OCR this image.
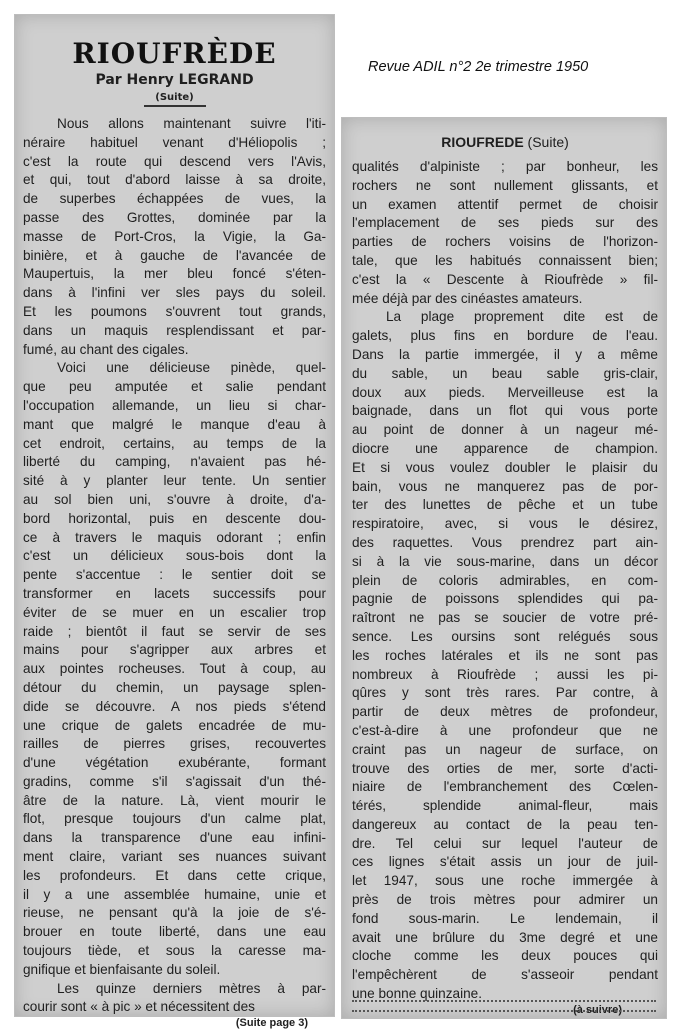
Revue ADIL n°2 2e trimestre 1950
RIOUFRÈDE
Par Henry LEGRAND
(Suite)
Nous allons maintenant suivre l'iti-
néraire habituel venant d'Héliopolis ;
c'est la route qui descend vers l'Avis,
et qui, tout d'abord laisse à sa droite,
de superbes échappées de vues, la
passe des Grottes, dominée par la
masse de Port-Cros, la Vigie, la Ga-
binière, et à gauche de l'avancée de
Maupertuis, la mer bleu foncé s'éten-
dans à l'infini ver sles pays du soleil.
Et les poumons s'ouvrent tout grands,
dans un maquis resplendissant et par-
fumé, au chant des cigales.
Voici une délicieuse pinède, quel-
que peu amputée et salie pendant
l'occupation allemande, un lieu si char-
mant que malgré le manque d'eau à
cet endroit, certains, au temps de la
liberté du camping, n'avaient pas hé-
sité à y planter leur tente. Un sentier
au sol bien uni, s'ouvre à droite, d'a-
bord horizontal, puis en descente dou-
ce à travers le maquis odorant ; enfin
c'est un délicieux sous-bois dont la
pente s'accentue : le sentier doit se
transformer en lacets successifs pour
éviter de se muer en un escalier trop
raide ; bientôt il faut se servir de ses
mains pour s'agripper aux arbres et
aux pointes rocheuses. Tout à coup, au
détour du chemin, un paysage splen-
dide se découvre. A nos pieds s'étend
une crique de galets encadrée de mu-
railles de pierres grises, recouvertes
d'une végétation exubérante, formant
gradins, comme s'il s'agissait d'un thé-
âtre de la nature. Là, vient mourir le
flot, presque toujours d'un calme plat,
dans la transparence d'une eau infini-
ment claire, variant ses nuances suivant
les profondeurs. Et dans cette crique,
il y a une assemblée humaine, unie et
rieuse, ne pensant qu'à la joie de s'é-
brouer en toute liberté, dans une eau
toujours tiède, et sous la caresse ma-
gnifique et bienfaisante du soleil.
Les quinze derniers mètres à par-
courir sont « à pic » et nécessitent des
(Suite page 3)
RIOUFREDE (Suite)
qualités d'alpiniste ; par bonheur, les
rochers ne sont nullement glissants, et
un examen attentif permet de choisir
l'emplacement de ses pieds sur des
parties de rochers voisins de l'horizon-
tale, que les habitués connaissent bien;
c'est la « Descente à Rioufrède » fil-
mée déjà par des cinéastes amateurs.
La plage proprement dite est de
galets, plus fins en bordure de l'eau.
Dans la partie immergée, il y a même
du sable, un beau sable gris-clair,
doux aux pieds. Merveilleuse est la
baignade, dans un flot qui vous porte
au point de donner à un nageur mé-
diocre une apparence de champion.
Et si vous voulez doubler le plaisir du
bain, vous ne manquerez pas de por-
ter des lunettes de pêche et un tube
respiratoire, avec, si vous le désirez,
des raquettes. Vous prendrez part ain-
si à la vie sous-marine, dans un décor
plein de coloris admirables, en com-
pagnie de poissons splendides qui pa-
raîtront ne pas se soucier de votre pré-
sence. Les oursins sont relégués sous
les roches latérales et ils ne sont pas
nombreux à Rioufrède ; aussi les pi-
qûres y sont très rares. Par contre, à
partir de deux mètres de profondeur,
c'est-à-dire à une profondeur que ne
craint pas un nageur de surface, on
trouve des orties de mer, sorte d'acti-
niaire de l'embranchement des Cœlen-
térés, splendide animal-fleur, mais
dangereux au contact de la peau ten-
dre. Tel celui sur lequel l'auteur de
ces lignes s'était assis un jour de juil-
let 1947, sous une roche immergée à
près de trois mètres pour admirer un
fond sous-marin. Le lendemain, il
avait une brûlure du 3me degré et une
cloche comme les deux pouces qui
l'empêchèrent de s'asseoir pendant
une bonne quinzaine.
(à suivre)
